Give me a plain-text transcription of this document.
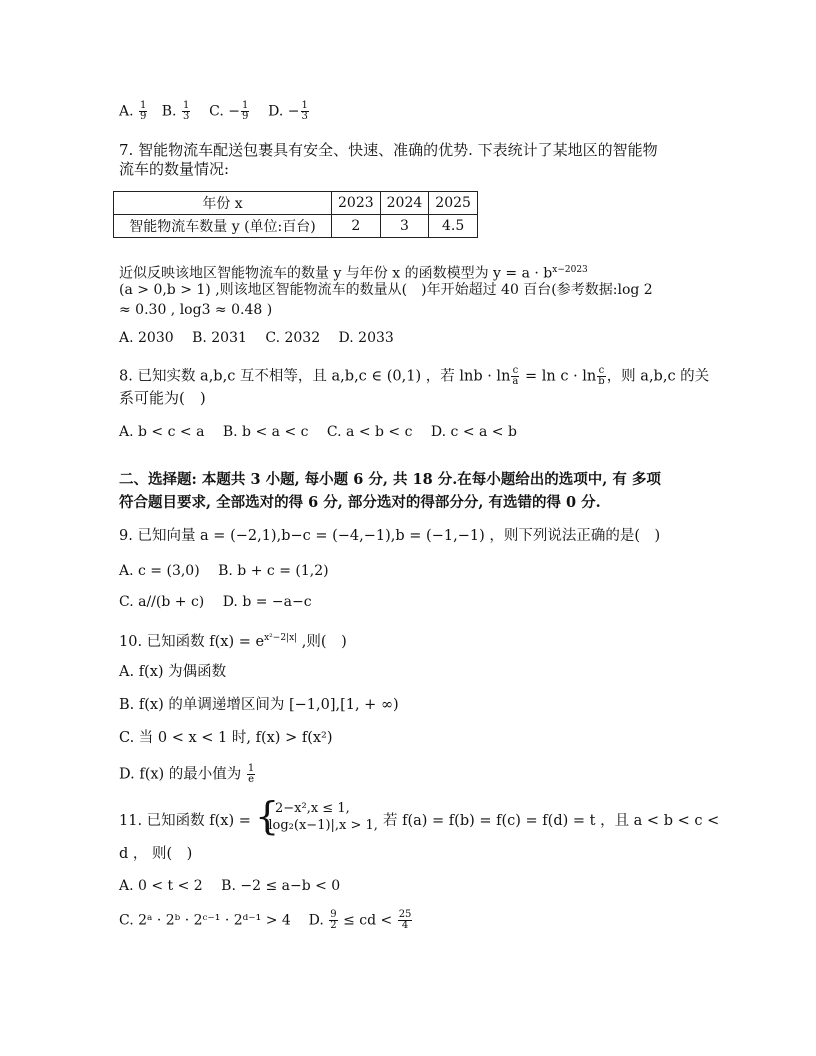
A. $\frac{1}{9} B$. $\frac{1}{3} C$. − $\frac{1}{9} D$. − $\frac{1}{3}$
7. 智能物流车配送包裹具有安全、快速、准确的优势. 下表统计了某地区的智能物
流车的数量情况:
年份 x	2023	2024	2025
智能物流车数量 y (单位:百台)	2	3	4.5
近似反映该地区智能物流车的数量 y 与年份 x 的函数模型为 $y = a \cdot b^{x-2023}$
(a > 0,b > 1) ,则该地区智能物流车的数量从(　)年开始超过 40 百台(参考数据:log 2
≈ 0.30 , log3 ≈ 0.48 )
A. 2030　 B. 2031　 C. 2032　 D. 2033
8. 已知实数 a,b,c 互不相等，且 a,b,c ∈ (0,1) ，若 $\ln b \cdot \ln \frac{c}{a} = \ln c \cdot \ln \frac{c}{b}$ ，则 a,b,c 的关
系可能为(　)
A. b < c < a　 B. b < a < c　 C. a < b < c　 D. c < a < b
二、选择题: 本题共 3 小题, 每小题 6 分, 共 18 分.在每小题给出的选项中, 有 多项
符合题目要求, 全部选对的得 6 分, 部分选对的得部分分, 有选错的得 0 分.
9. 已知向量 a = (−2,1),b−c = (−4,−1),b = (−1,−1) ，则下列说法正确的是(　)
A. c = (3,0)　 B. b + c = (1,2)
C. a//(b + c)　 D. b = −a−c
10. 已知函数 $f(x) = e^{x^2-2|x|}$ ,则(　)
A. f(x) 为偶函数
B. f(x) 的单调递增区间为 [−1,0],[1, + ∞)
C. 当 0 < x < 1 时, f(x) > f(x²)
D. f(x) 的最小值为 $\frac{1}{e}$
11. 已知函数 f(x) = {
2−x²,x ≤ 1,
|log₂(x−1)|,x > 1, 若 f(a) = f(b) = f(c) = f(d) = t ，且 a < b < c <
d ， 则(　)
A. 0 < t < 2　 B. −2 ≤ a−b < 0
C. 2ᵃ · 2ᵇ · 2ᶜ⁻¹ · 2ᵈ⁻¹ > 4 D. $\frac{9}{2}$ ≤ cd < $\frac{25}{4}$
